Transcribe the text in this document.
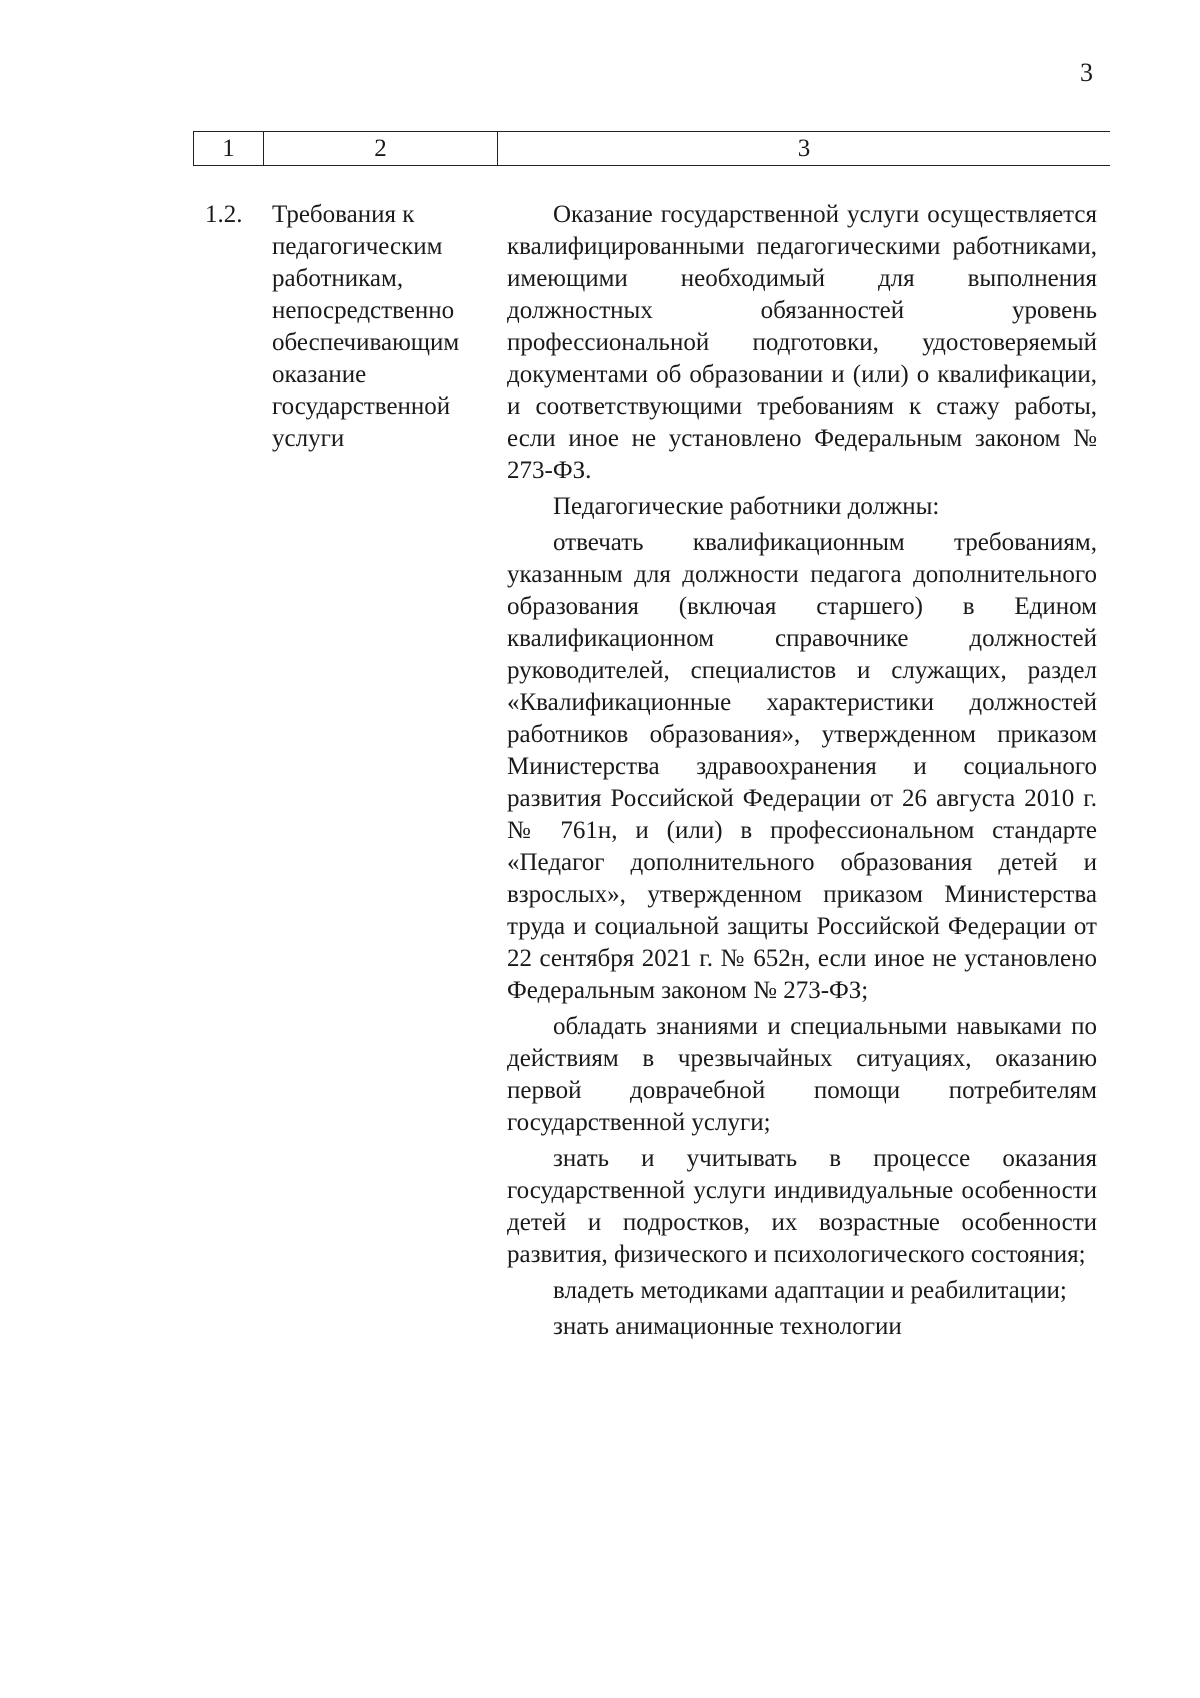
3
1	2	3
1.2. Требования к педагогическим работникам, непосредственно обеспечивающим оказание государственной услуги

Оказание государственной услуги осуществляется квалифицированными педагогическими работниками, имеющими необходимый для выполнения должностных обязанностей уровень профессиональной подготовки, удостоверяемый документами об образовании и (или) о квалификации, и соответствующими требованиям к стажу работы, если иное не установлено Федеральным законом № 273-ФЗ.

Педагогические работники должны:

отвечать квалификационным требованиям, указанным для должности педагога дополнительного образования (включая старшего) в Едином квалификационном справочнике должностей руководителей, специалистов и служащих, раздел «Квалификационные характеристики должностей работников образования», утвержденном приказом Министерства здравоохранения и социального развития Российской Федерации от 26 августа 2010 г. № 761н, и (или) в профессиональном стандарте «Педагог дополнительного образования детей и взрослых», утвержденном приказом Министерства труда и социальной защиты Российской Федерации от 22 сентября 2021 г. № 652н, если иное не установлено Федеральным законом № 273-ФЗ;

обладать знаниями и специальными навыками по действиям в чрезвычайных ситуациях, оказанию первой доврачебной помощи потребителям государственной услуги;

знать и учитывать в процессе оказания государственной услуги индивидуальные особенности детей и подростков, их возрастные особенности развития, физического и психологического состояния;

владеть методиками адаптации и реабилитации;

знать анимационные технологии
